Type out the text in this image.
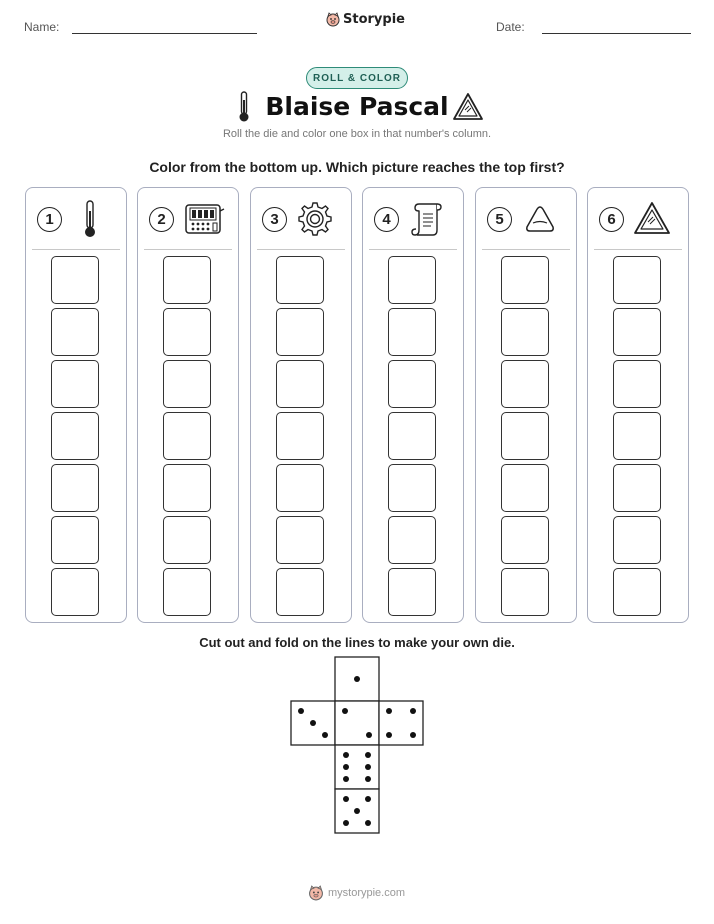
Name:	Storypie	Date:
ROLL & COLOR
Blaise Pascal
Roll the die and color one box in that number's column.
Color from the bottom up. Which picture reaches the top first?
1	2	3	4	5	6
Cut out and fold on the lines to make your own die.
mystorypie.com
